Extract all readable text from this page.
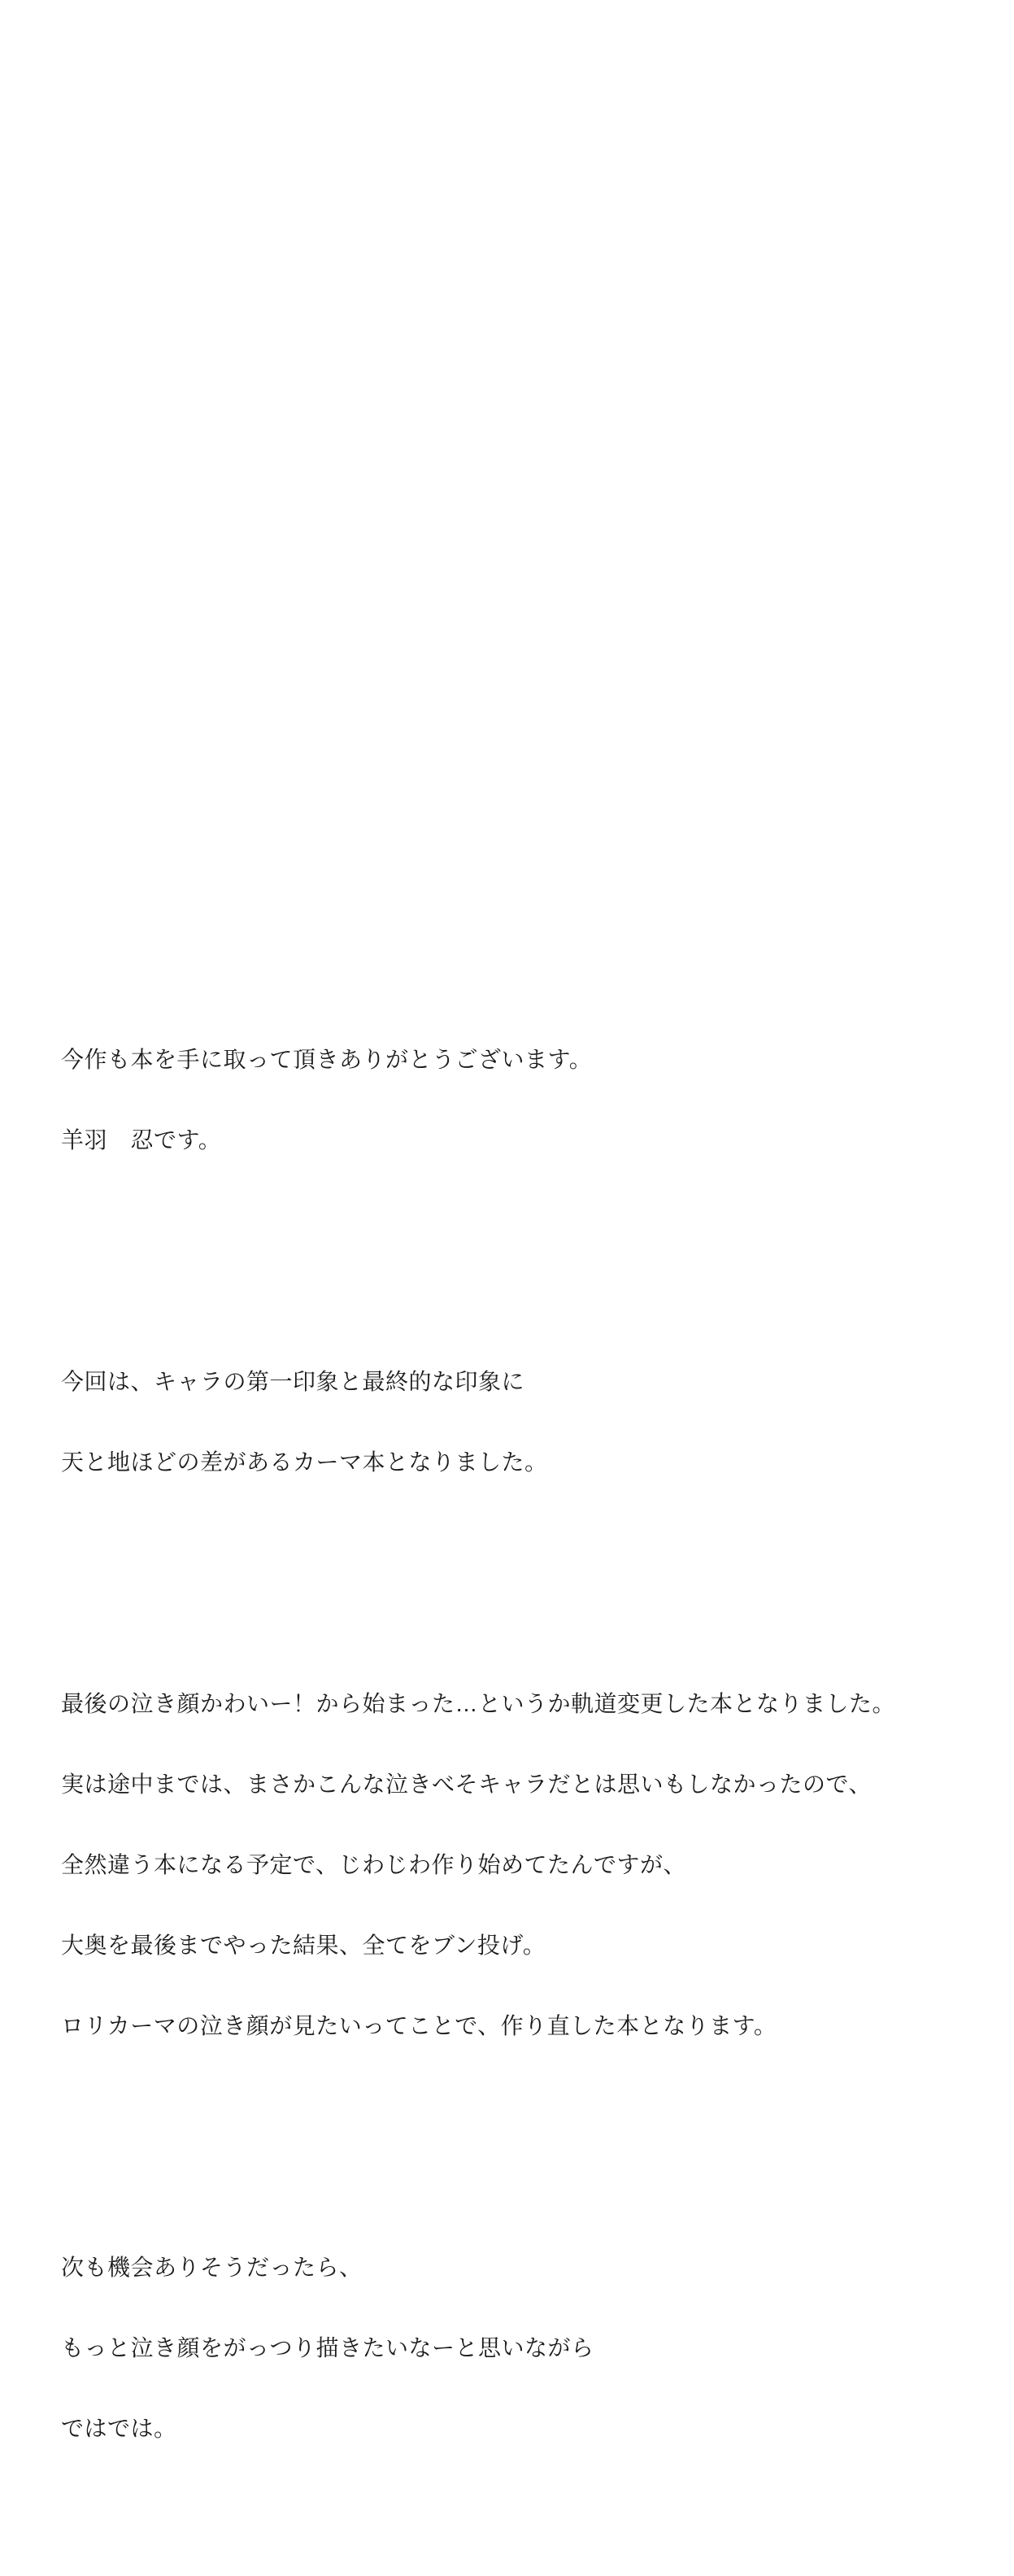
今作も本を手に取って頂きありがとうございます。

羊羽　忍です。

今回は、キャラの第一印象と最終的な印象に

天と地ほどの差があるカーマ本となりました。

最後の泣き顔かわいー！から始まった…というか軌道変更した本となりました。

実は途中までは、まさかこんな泣きべそキャラだとは思いもしなかったので、

全然違う本になる予定で、じわじわ作り始めてたんですが、

大奥を最後までやった結果、全てをブン投げ。

ロリカーマの泣き顔が見たいってことで、作り直した本となります。

次も機会ありそうだったら、

もっと泣き顔をがっつり描きたいなーと思いながら

ではでは。
